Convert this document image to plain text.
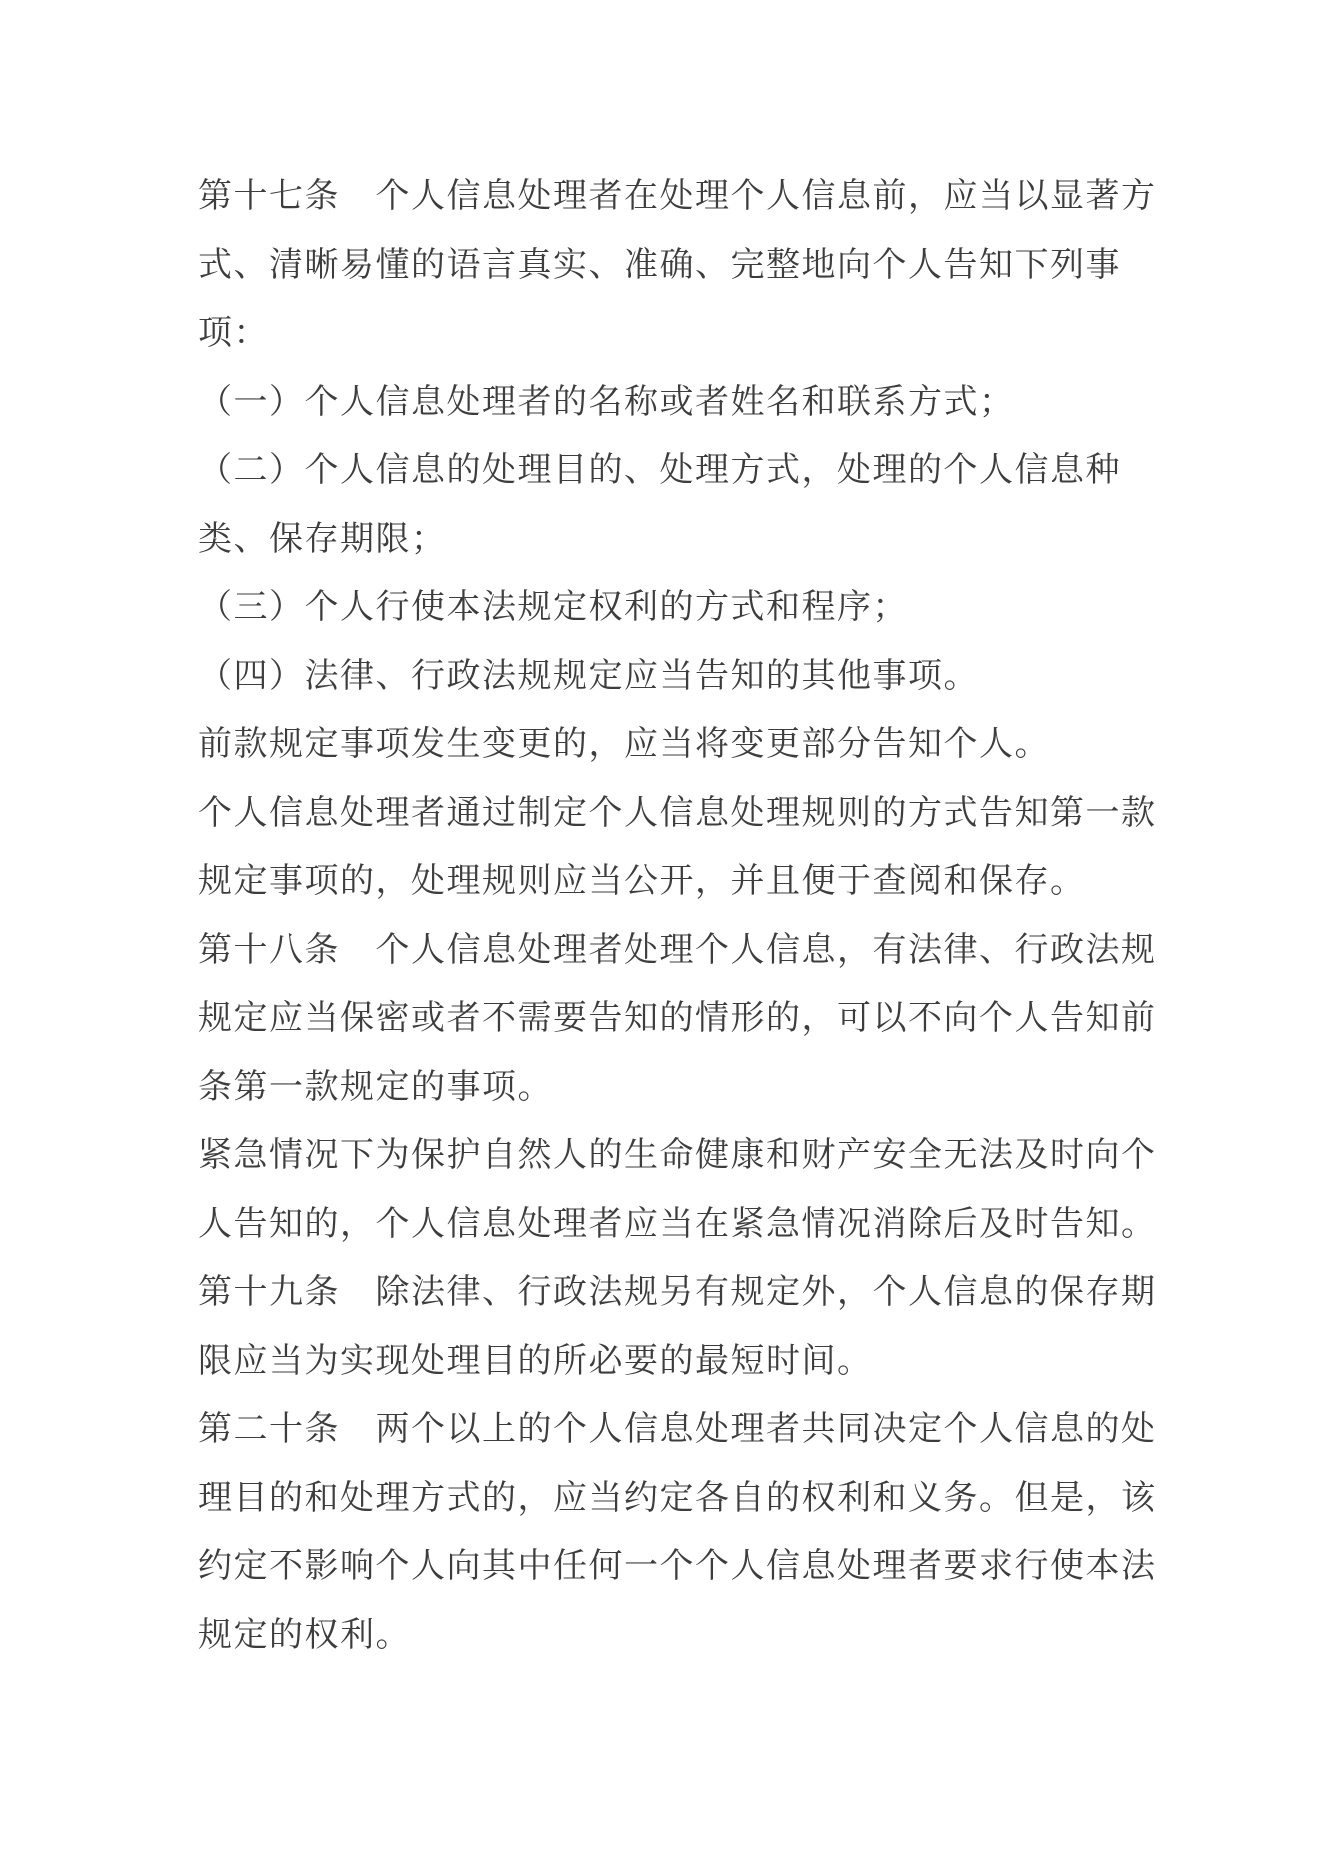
第十七条　个人信息处理者在处理个人信息前，应当以显著方
式、清晰易懂的语言真实、准确、完整地向个人告知下列事
项：

（一）个人信息处理者的名称或者姓名和联系方式；

（二）个人信息的处理目的、处理方式，处理的个人信息种
类、保存期限；

（三）个人行使本法规定权利的方式和程序；

（四）法律、行政法规规定应当告知的其他事项。

前款规定事项发生变更的，应当将变更部分告知个人。

个人信息处理者通过制定个人信息处理规则的方式告知第一款
规定事项的，处理规则应当公开，并且便于查阅和保存。

第十八条　个人信息处理者处理个人信息，有法律、行政法规
规定应当保密或者不需要告知的情形的，可以不向个人告知前
条第一款规定的事项。

紧急情况下为保护自然人的生命健康和财产安全无法及时向个
人告知的，个人信息处理者应当在紧急情况消除后及时告知。

第十九条　除法律、行政法规另有规定外，个人信息的保存期
限应当为实现处理目的所必要的最短时间。

第二十条　两个以上的个人信息处理者共同决定个人信息的处
理目的和处理方式的，应当约定各自的权利和义务。但是，该
约定不影响个人向其中任何一个个人信息处理者要求行使本法
规定的权利。
